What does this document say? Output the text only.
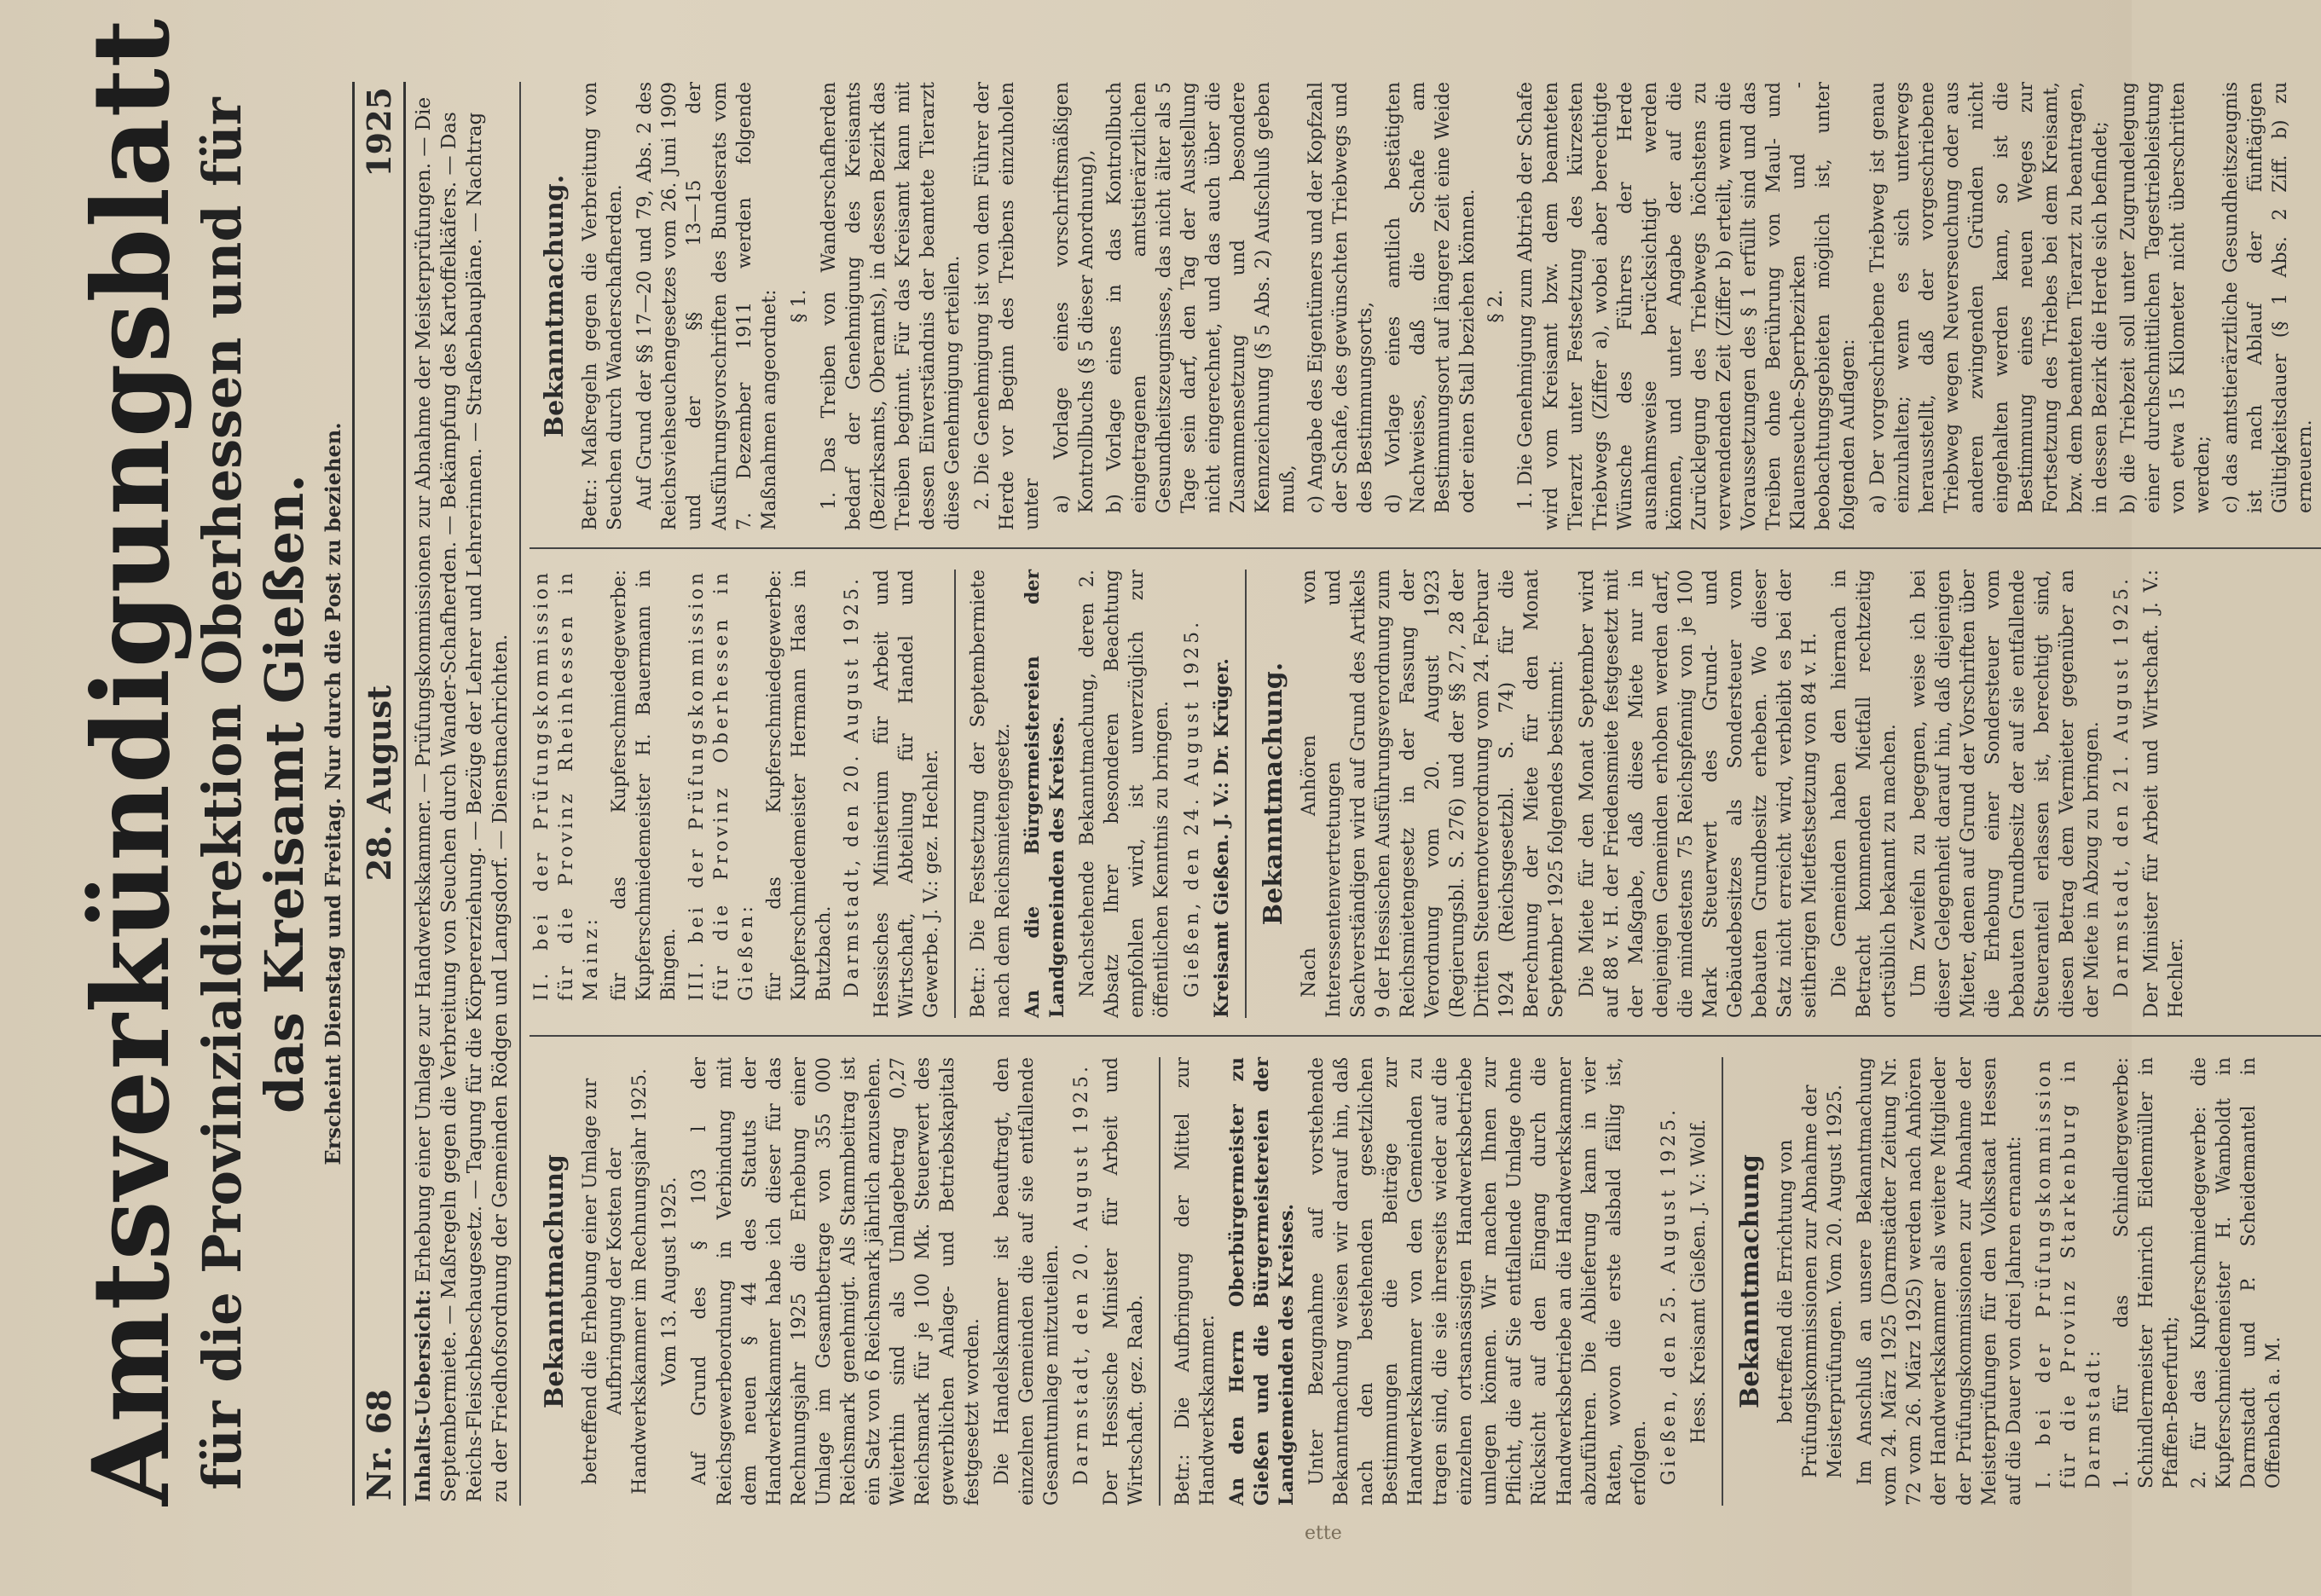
Amtsverkündigungsblatt
für die Provinzialdirektion Oberhessen und für das Kreisamt Gießen. Erscheint Dienstag und Freitag. Nur durch die Post zu beziehen.
Nr. 68
28. August
1925
Inhalts-Uebersicht: Erhebung einer Umlage zur Handwerkskammer. — Prüfungskommissionen zur Abnahme der Meisterprüfungen. — Die Septembermiete. — Maßregeln gegen die Verbreitung von Seuchen durch Wander-Schafherden. — Bekämpfung des Kartoffelkäfers. — Das Reichs-Fleischbeschaugesetz. — Tagung für die Körpererziehung. — Bezüge der Lehrer und Lehrerinnen. — Straßenbaupläne. — Nachtrag zu der Friedhofsordnung der Gemeinden Rödgen und Langsdorf. — Dienstnachrichten.	Bekanntmachung betreffend die Erhebung einer Umlage zur Aufbringung der Kosten der Handwerkskammer im Rechnungsjahr 1925. Vom 13. August 1925. Auf Grund des § 103 l der Reichsgewerbeordnung in Verbindung mit dem neuen § 44 des Statuts der Handwerkskammer habe ich dieser für das Rechnungsjahr 1925 die Erhebung einer Umlage im Gesamtbetrage von 355 000 Reichsmark genehmigt. Als Stammbeitrag ist ein Satz von 6 Reichsmark jährlich anzusehen. Weiterhin sind als Umlagebetrag 0,27 Reichsmark für je 100 Mk. Steuerwert des gewerblichen Anlage- und Betriebskapitals festgesetzt worden. Die Handelskammer ist beauftragt, den einzelnen Gemeinden die auf sie entfallende Gesamtumlage mitzuteilen. Darmstadt, den 20. August 1925. Der Hessische Minister für Arbeit und Wirtschaft. gez. Raab. Betr.: Die Aufbringung der Mittel zur Handwerkskammer. An den Herrn Oberbürgermeister zu Gießen und die Bürgermeistereien der Landgemeinden des Kreises. Unter Bezugnahme auf vorstehende Bekanntmachung weisen wir darauf hin, daß nach den bestehenden gesetzlichen Bestimmungen die Beiträge zur Handwerkskammer von den Gemeinden zu tragen sind, die sie ihrerseits wieder auf die einzelnen ortsansässigen Handwerksbetriebe umlegen können. Wir machen Ihnen zur Pflicht, die auf Sie entfallende Umlage ohne Rücksicht auf den Eingang durch die Handwerksbetriebe an die Handwerkskammer abzuführen. Die Ablieferung kann in vier Raten, wovon die erste alsbald fällig ist, erfolgen. Gießen, den 25. August 1925. Hess. Kreisamt Gießen. J. V.: Wolf. Bekanntmachung betreffend die Errichtung von Prüfungskommissionen zur Abnahme der Meisterprüfungen. Vom 20. August 1925. Im Anschluß an unsere Bekanntmachung vom 24. März 1925 (Darmstädter Zeitung Nr. 72 vom 26. März 1925) werden nach Anhören der Handwerkskammer als weitere Mitglieder der Prüfungskommissionen zur Abnahme der Meisterprüfungen für den Volksstaat Hessen auf die Dauer von drei Jahren ernannt: I. bei der Prüfungskommission für die Provinz Starkenburg in Darmstadt: 1. für das Schindlergewerbe: Schindlermeister Heinrich Eidenmüller in Pfaffen-Beerfurth; 2. für das Kupferschmiedegewerbe: die Kupferschmiedemeister H. Wamboldt in Darmstadt und P. Scheidemantel in Offenbach a. M.

II. bei der Prüfungskommission für die Provinz Rheinhessen in Mainz: für das Kupferschmiedegewerbe: Kupferschmiedemeister H. Bauermann in Bingen. III. bei der Prüfungskommission für die Provinz Oberhessen in Gießen: für das Kupferschmiedegewerbe: Kupferschmiedemeister Hermann Haas in Butzbach. Darmstadt, den 20. August 1925. Hessisches Ministerium für Arbeit und Wirtschaft, Abteilung für Handel und Gewerbe. J. V.: gez. Hechler. Betr.: Die Festsetzung der Septembermiete nach dem Reichsmietengesetz. An die Bürgermeistereien der Landgemeinden des Kreises. Nachstehende Bekanntmachung, deren 2. Absatz Ihrer besonderen Beachtung empfohlen wird, ist unverzüglich zur öffentlichen Kenntnis zu bringen. Gießen, den 24. August 1925. Kreisamt Gießen. J. V.: Dr. Krüger. Bekanntmachung. Nach Anhören von Interessentenvertretungen und Sachverständigen wird auf Grund des Artikels 9 der Hessischen Ausführungsverordnung zum Reichsmietengesetz in der Fassung der Verordnung vom 20. August 1923 (Regierungsbl. S. 276) und der §§ 27, 28 der Dritten Steuernotverordnung vom 24. Februar 1924 (Reichsgesetzbl. S. 74) für die Berechnung der Miete für den Monat September 1925 folgendes bestimmt: Die Miete für den Monat September wird auf 88 v. H. der Friedensmiete festgesetzt mit der Maßgabe, daß diese Miete nur in denjenigen Gemeinden erhoben werden darf, die mindestens 75 Reichspfennig von je 100 Mark Steuerwert des Grund- und Gebäudebesitzes als Sondersteuer vom bebauten Grundbesitz erheben. Wo dieser Satz nicht erreicht wird, verbleibt es bei der seitherigen Mietfestsetzung von 84 v. H. Die Gemeinden haben den hiernach in Betracht kommenden Mietfall rechtzeitig ortsüblich bekannt zu machen. Um Zweifeln zu begegnen, weise ich bei dieser Gelegenheit darauf hin, daß diejenigen Mieter, denen auf Grund der Vorschriften über die Erhebung einer Sondersteuer vom bebauten Grundbesitz der auf sie entfallende Steueranteil erlassen ist, berechtigt sind, diesen Betrag dem Vermieter gegenüber an der Miete in Abzug zu bringen. Darmstadt, den 21. August 1925. Der Minister für Arbeit und Wirtschaft. J. V.: Hechler.

Bekanntmachung. Betr.: Maßregeln gegen die Verbreitung von Seuchen durch Wanderschafherden. Auf Grund der §§ 17—20 und 79, Abs. 2 des Reichsviehseuchengesetzes vom 26. Juni 1909 und der §§ 13—15 der Ausführungsvorschriften des Bundesrats vom 7. Dezember 1911 werden folgende Maßnahmen angeordnet: § 1. 1. Das Treiben von Wanderschafherden bedarf der Genehmigung des Kreisamts (Bezirksamts, Oberamts), in dessen Bezirk das Treiben beginnt. Für das Kreisamt kann mit dessen Einverständnis der beamtete Tierarzt diese Genehmigung erteilen. 2. Die Genehmigung ist von dem Führer der Herde vor Beginn des Treibens einzuholen unter a) Vorlage eines vorschriftsmäßigen Kontrollbuchs (§ 5 dieser Anordnung), b) Vorlage eines in das Kontrollbuch eingetragenen amtstierärztlichen Gesundheitszeugnisses, das nicht älter als 5 Tage sein darf, den Tag der Ausstellung nicht eingerechnet, und das auch über die Zusammensetzung und besondere Kennzeichnung (§ 5 Abs. 2) Aufschluß geben muß, c) Angabe des Eigentümers und der Kopfzahl der Schafe, des gewünschten Triebwegs und des Bestimmungsorts, d) Vorlage eines amtlich bestätigten Nachweises, daß die Schafe am Bestimmungsort auf längere Zeit eine Weide oder einen Stall beziehen können. § 2. 1. Die Genehmigung zum Abtrieb der Schafe wird vom Kreisamt bzw. dem beamteten Tierarzt unter Festsetzung des kürzesten Triebwegs (Ziffer a), wobei aber berechtigte Wünsche des Führers der Herde ausnahmsweise berücksichtigt werden können, und unter Angabe der auf die Zurücklegung des Triebwegs höchstens zu verwendenden Zeit (Ziffer b) erteilt, wenn die Voraussetzungen des § 1 erfüllt sind und das Treiben ohne Berührung von Maul- und Klauenseuche-Sperrbezirken und -beobachtungsgebieten möglich ist, unter folgenden Auflagen: a) Der vorgeschriebene Triebweg ist genau einzuhalten; wenn es sich unterwegs herausstellt, daß der vorgeschriebene Triebweg wegen Neuverseuchung oder aus anderen zwingenden Gründen nicht eingehalten werden kann, so ist die Bestimmung eines neuen Weges zur Fortsetzung des Triebes bei dem Kreisamt, bzw. dem beamteten Tierarzt zu beantragen, in dessen Bezirk die Herde sich befindet; b) die Triebzeit soll unter Zugrundelegung einer durchschnittlichen Tagestriebleistung von etwa 15 Kilometer nicht überschritten werden; c) das amtstierärztliche Gesundheitszeugnis ist nach Ablauf der fünftägigen Gültigkeitsdauer (§ 1 Abs. 2 Ziff. b) zu erneuern.

ette
